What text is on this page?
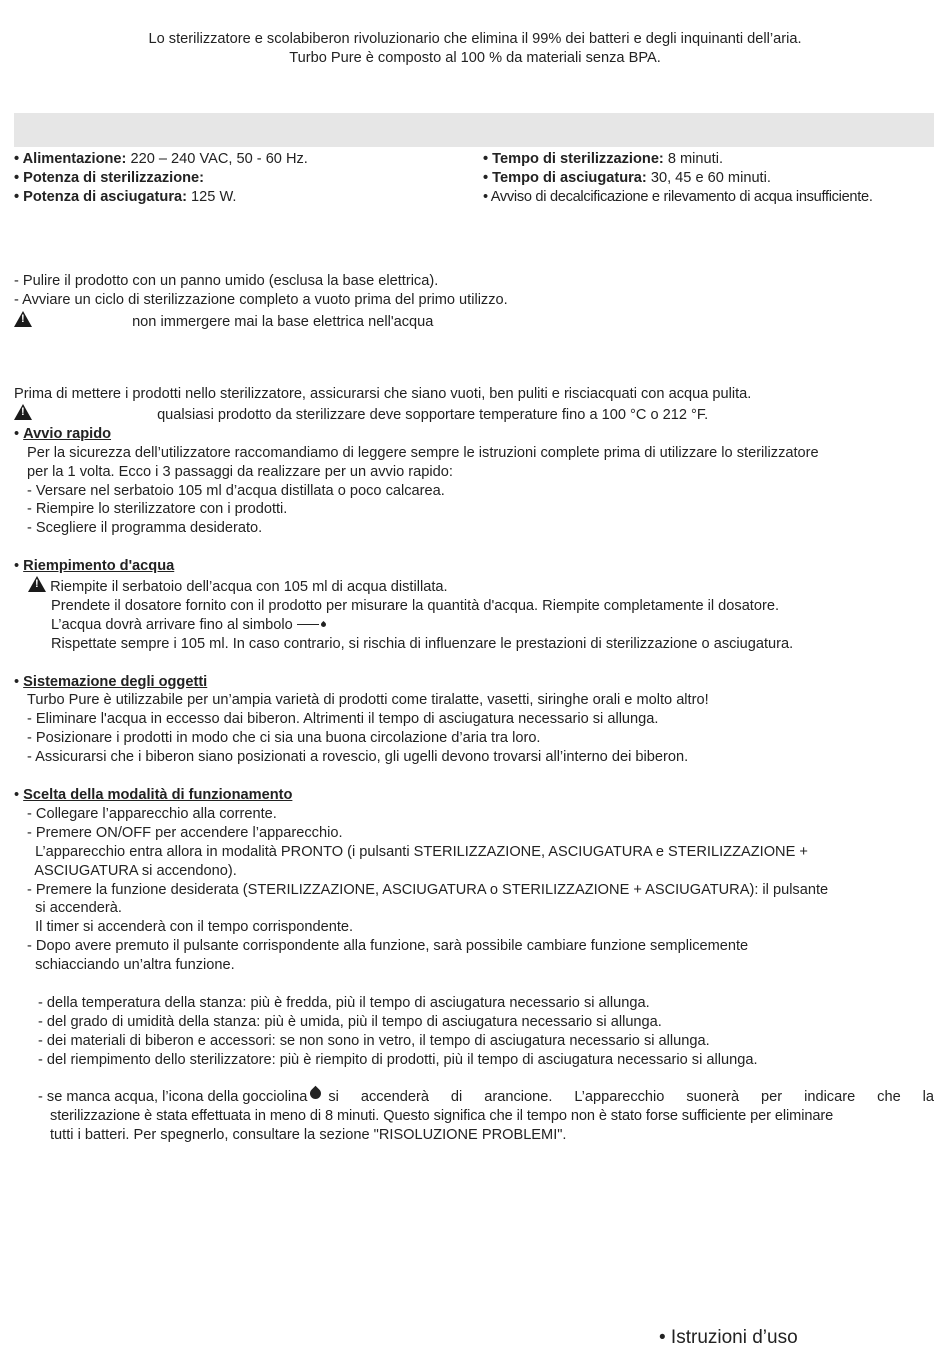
Lo sterilizzatore e scolabiberon rivoluzionario che elimina il 99% dei batteri e degli inquinanti dell’aria.
Turbo Pure è composto al 100 % da materiali senza BPA.
• Alimentazione: 220 – 240 VAC, 50 - 60 Hz.
• Potenza di sterilizzazione:
• Potenza di asciugatura: 125 W.
• Tempo di sterilizzazione: 8 minuti.
• Tempo di asciugatura: 30, 45 e 60 minuti.
• Avviso di decalcificazione e rilevamento di acqua insufficiente.
- Pulire il prodotto con un panno umido (esclusa la base elettrica).
- Avviare un ciclo di sterilizzazione completo a vuoto prima del primo utilizzo.
! non immergere mai la base elettrica nell'acqua
Prima di mettere i prodotti nello sterilizzatore, assicurarsi che siano vuoti, ben puliti e risciacquati con acqua pulita.
! qualsiasi prodotto da sterilizzare deve sopportare temperature fino a 100 °C o 212 °F.
• Avvio rapido
Per la sicurezza dell’utilizzatore raccomandiamo di leggere sempre le istruzioni complete prima di utilizzare lo sterilizzatore
per la 1 volta. Ecco i 3 passaggi da realizzare per un avvio rapido:
- Versare nel serbatoio 105 ml d’acqua distillata o poco calcarea.
- Riempire lo sterilizzatore con i prodotti.
- Scegliere il programma desiderato.
• Riempimento d'acqua
! Riempite il serbatoio dell’acqua con 105 ml di acqua distillata.
Prendete il dosatore fornito con il prodotto per misurare la quantità d'acqua. Riempite completamente il dosatore.
L’acqua dovrà arrivare fino al simbolo
Rispettate sempre i 105 ml. In caso contrario, si rischia di influenzare le prestazioni di sterilizzazione o asciugatura.
• Sistemazione degli oggetti
Turbo Pure è utilizzabile per un’ampia varietà di prodotti come tiralatte, vasetti, siringhe orali e molto altro!
- Eliminare l'acqua in eccesso dai biberon. Altrimenti il tempo di asciugatura necessario si allunga.
- Posizionare i prodotti in modo che ci sia una buona circolazione d’aria tra loro.
- Assicurarsi che i biberon siano posizionati a rovescio, gli ugelli devono trovarsi all’interno dei biberon.
• Scelta della modalità di funzionamento
- Collegare l’apparecchio alla corrente.
- Premere ON/OFF per accendere l’apparecchio.
L’apparecchio entra allora in modalità PRONTO (i pulsanti STERILIZZAZIONE, ASCIUGATURA e STERILIZZAZIONE +
ASCIUGATURA si accendono).
- Premere la funzione desiderata (STERILIZZAZIONE, ASCIUGATURA o STERILIZZAZIONE + ASCIUGATURA): il pulsante
si accenderà.
Il timer si accenderà con il tempo corrispondente.
- Dopo avere premuto il pulsante corrispondente alla funzione, sarà possibile cambiare funzione semplicemente
schiacciando un’altra funzione.
- della temperatura della stanza: più è fredda, più il tempo di asciugatura necessario si allunga.
- del grado di umidità della stanza: più è umida, più il tempo di asciugatura necessario si allunga.
- dei materiali di biberon e accessori: se non sono in vetro, il tempo di asciugatura necessario si allunga.
- del riempimento dello sterilizzatore: più è riempito di prodotti, più il tempo di asciugatura necessario si allunga.
- se manca acqua, l’icona della gocciolina si accenderà di arancione. L’apparecchio suonerà per indicare che la
sterilizzazione è stata effettuata in meno di 8 minuti. Questo significa che il tempo non è stato forse sufficiente per eliminare
tutti i batteri. Per spegnerlo, consultare la sezione "RISOLUZIONE PROBLEMI".
• Istruzioni d’uso
